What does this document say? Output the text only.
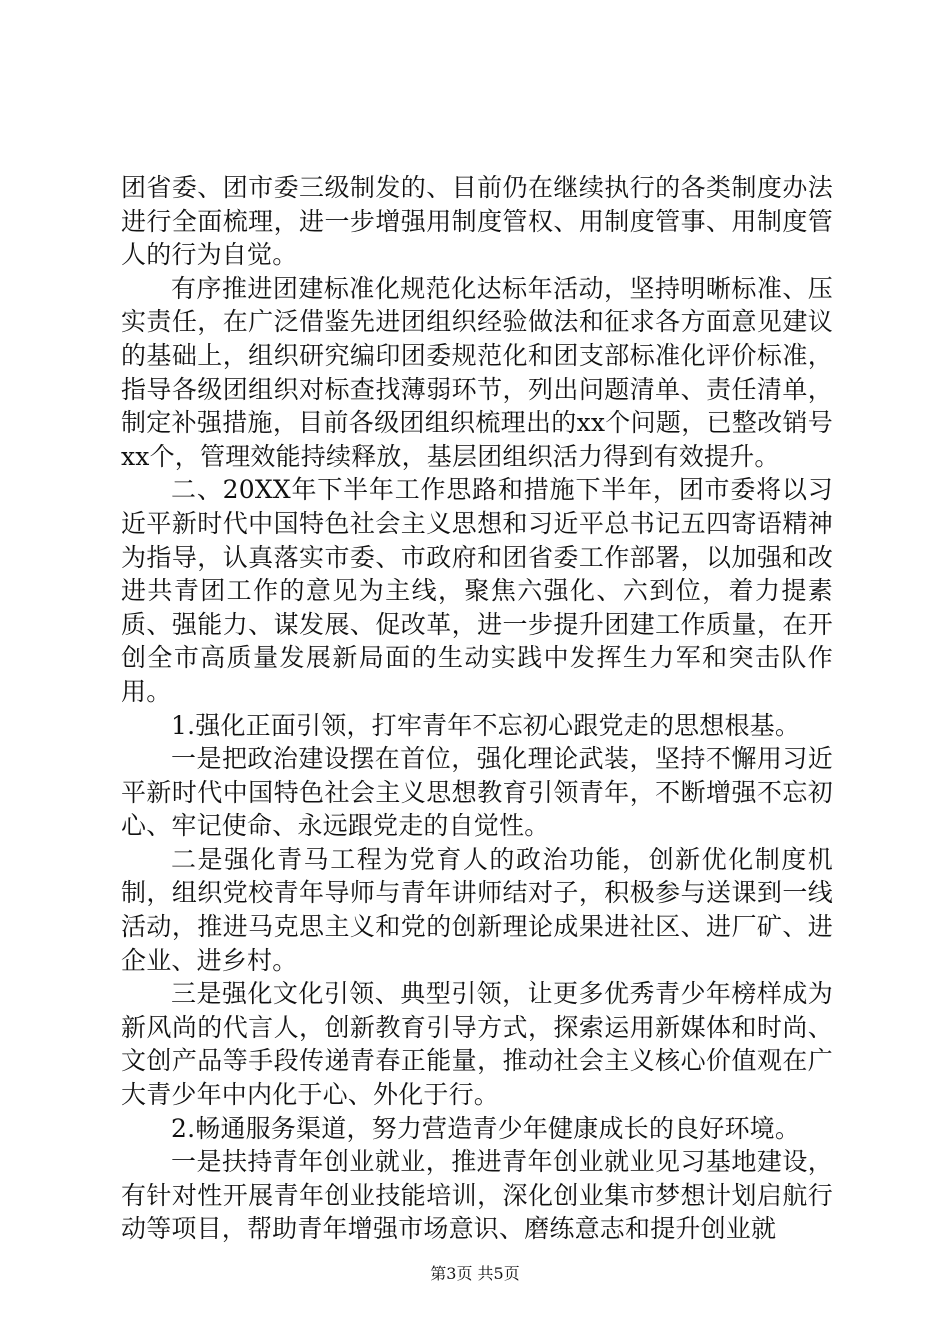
团省委、团市委三级制发的、目前仍在继续执行的各类制度办法进行全面梳理，进一步增强用制度管权、用制度管事、用制度管人的行为自觉。

有序推进团建标准化规范化达标年活动，坚持明晰标准、压实责任，在广泛借鉴先进团组织经验做法和征求各方面意见建议的基础上，组织研究编印团委规范化和团支部标准化评价标准，指导各级团组织对标查找薄弱环节，列出问题清单、责任清单，制定补强措施，目前各级团组织梳理出的xx个问题，已整改销号xx个，管理效能持续释放，基层团组织活力得到有效提升。

二、20XX年下半年工作思路和措施下半年，团市委将以习近平新时代中国特色社会主义思想和习近平总书记五四寄语精神为指导，认真落实市委、市政府和团省委工作部署，以加强和改进共青团工作的意见为主线，聚焦六强化、六到位，着力提素质、强能力、谋发展、促改革，进一步提升团建工作质量，在开创全市高质量发展新局面的生动实践中发挥生力军和突击队作用。

1.强化正面引领，打牢青年不忘初心跟党走的思想根基。

一是把政治建设摆在首位，强化理论武装，坚持不懈用习近平新时代中国特色社会主义思想教育引领青年，不断增强不忘初心、牢记使命、永远跟党走的自觉性。

二是强化青马工程为党育人的政治功能，创新优化制度机制，组织党校青年导师与青年讲师结对子，积极参与送课到一线活动，推进马克思主义和党的创新理论成果进社区、进厂矿、进企业、进乡村。

三是强化文化引领、典型引领，让更多优秀青少年榜样成为新风尚的代言人，创新教育引导方式，探索运用新媒体和时尚、文创产品等手段传递青春正能量，推动社会主义核心价值观在广大青少年中内化于心、外化于行。

2.畅通服务渠道，努力营造青少年健康成长的良好环境。

一是扶持青年创业就业，推进青年创业就业见习基地建设，有针对性开展青年创业技能培训，深化创业集市梦想计划启航行动等项目，帮助青年增强市场意识、磨练意志和提升创业就

第3页 共5页
